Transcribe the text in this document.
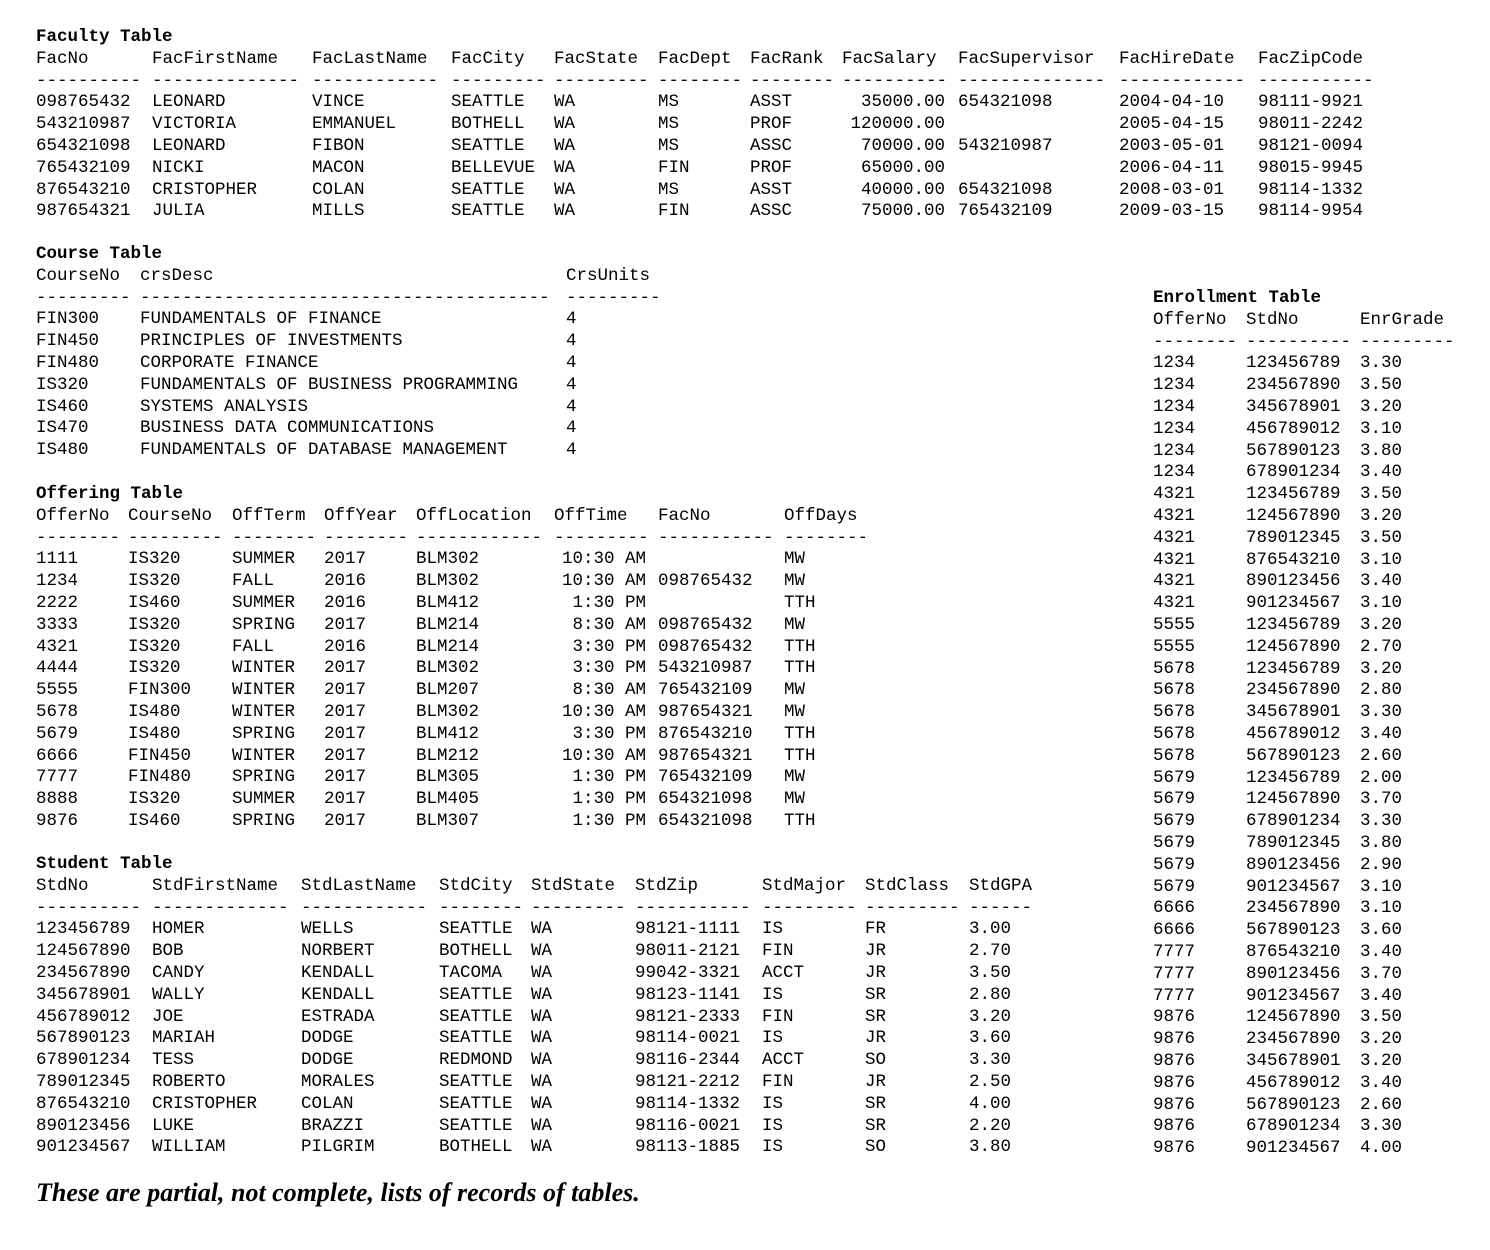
Faculty Table
FacNo	FacFirstName FacLastName FacCity FacState FacDept FacRank FacSalary FacSupervisor FacHireDate FacZipCode
---------- -------------- ------------ --------- --------- -------- -------- ---------- -------------- ------------ -----------
098765432 LEONARD	VINCE	SEATTLE WA	MS	ASST	35000.00 654321098	2004-04-10 98111-9921
543210987 VICTORIA	EMMANUEL	BOTHELL WA	MS	PROF	120000.00	2005-04-15 98011-2242
654321098 LEONARD	FIBON	SEATTLE WA	MS	ASSC	70000.00 543210987	2003-05-01 98121-0094
765432109 NICKI	MACON	BELLEVUE WA	FIN	PROF	65000.00	2006-04-11 98015-9945
876543210 CRISTOPHER	COLAN	SEATTLE WA	MS	ASST	40000.00 654321098	2008-03-01 98114-1332
987654321 JULIA	MILLS	SEATTLE WA	FIN	ASSC	75000.00 765432109	2009-03-15 98114-9954
Course Table
CourseNo crsDesc	CrsUnits
--------- --------------------------------------- ---------
FIN300 FUNDAMENTALS OF FINANCE	4
FIN450 PRINCIPLES OF INVESTMENTS	4
FIN480 CORPORATE FINANCE	4
IS320	FUNDAMENTALS OF BUSINESS PROGRAMMING	4
IS460	SYSTEMS ANALYSIS	4
IS470	BUSINESS DATA COMMUNICATIONS	4
IS480	FUNDAMENTALS OF DATABASE MANAGEMENT	4
Offering Table
OfferNo CourseNo OffTerm OffYear OffLocation OffTime FacNo	OffDays
-------- --------- -------- -------- ------------ --------- ----------- --------
1111	IS320	SUMMER 2017	BLM302	10:30 AM	MW
1234	IS320	FALL	2016	BLM302	10:30 AM 098765432 MW
2222	IS460	SUMMER 2016	BLM412	1:30 PM	TTH
3333	IS320	SPRING 2017	BLM214	8:30 AM 098765432 MW
4321	IS320	FALL	2016	BLM214	3:30 PM 098765432 TTH
4444	IS320	WINTER 2017	BLM302	3:30 PM 543210987 TTH
5555	FIN300 WINTER 2017	BLM207	8:30 AM 765432109 MW
5678	IS480	WINTER 2017	BLM302	10:30 AM 987654321 MW
5679	IS480	SPRING 2017	BLM412	3:30 PM 876543210 TTH
6666	FIN450 WINTER 2017	BLM212	10:30 AM 987654321 TTH
7777	FIN480 SPRING 2017	BLM305	1:30 PM 765432109 MW
8888	IS320	SUMMER 2017	BLM405	1:30 PM 654321098 MW
9876	IS460	SPRING 2017	BLM307	1:30 PM 654321098 TTH
Student Table
StdNo	StdFirstName StdLastName StdCity StdState StdZip	StdMajor StdClass StdGPA
---------- ------------- ------------ -------- --------- ----------- --------- --------- ------
123456789 HOMER	WELLS	SEATTLE WA	98121-1111 IS	FR	3.00
124567890 BOB	NORBERT	BOTHELL WA	98011-2121 FIN	JR	2.70
234567890 CANDY	KENDALL	TACOMA WA	99042-3321 ACCT	JR	3.50
345678901 WALLY	KENDALL	SEATTLE WA	98123-1141 IS	SR	2.80
456789012 JOE	ESTRADA	SEATTLE WA	98121-2333 FIN	SR	3.20
567890123 MARIAH	DODGE	SEATTLE WA	98114-0021 IS	JR	3.60
678901234 TESS	DODGE	REDMOND WA	98116-2344 ACCT	SO	3.30
789012345 ROBERTO	MORALES	SEATTLE WA	98121-2212 FIN	JR	2.50
876543210 CRISTOPHER	COLAN	SEATTLE WA	98114-1332 IS	SR	4.00
890123456 LUKE	BRAZZI	SEATTLE WA	98116-0021 IS	SR	2.20
901234567 WILLIAM	PILGRIM	BOTHELL WA	98113-1885 IS	SO	3.80
Enrollment Table
OfferNo StdNo	EnrGrade
-------- ---------- ---------
1234	123456789 3.30
1234	234567890 3.50
1234	345678901 3.20
1234	456789012 3.10
1234	567890123 3.80
1234	678901234 3.40
4321	123456789 3.50
4321	124567890 3.20
4321	789012345 3.50
4321	876543210 3.10
4321	890123456 3.40
4321	901234567 3.10
5555	123456789 3.20
5555	124567890 2.70
5678	123456789 3.20
5678	234567890 2.80
5678	345678901 3.30
5678	456789012 3.40
5678	567890123 2.60
5679	123456789 2.00
5679	124567890 3.70
5679	678901234 3.30
5679	789012345 3.80
5679	890123456 2.90
5679	901234567 3.10
6666	234567890 3.10
6666	567890123 3.60
7777	876543210 3.40
7777	890123456 3.70
7777	901234567 3.40
9876	124567890 3.50
9876	234567890 3.20
9876	345678901 3.20
9876	456789012 3.40
9876	567890123 2.60
9876	678901234 3.30
9876	901234567 4.00
These are partial, not complete, lists of records of tables.
